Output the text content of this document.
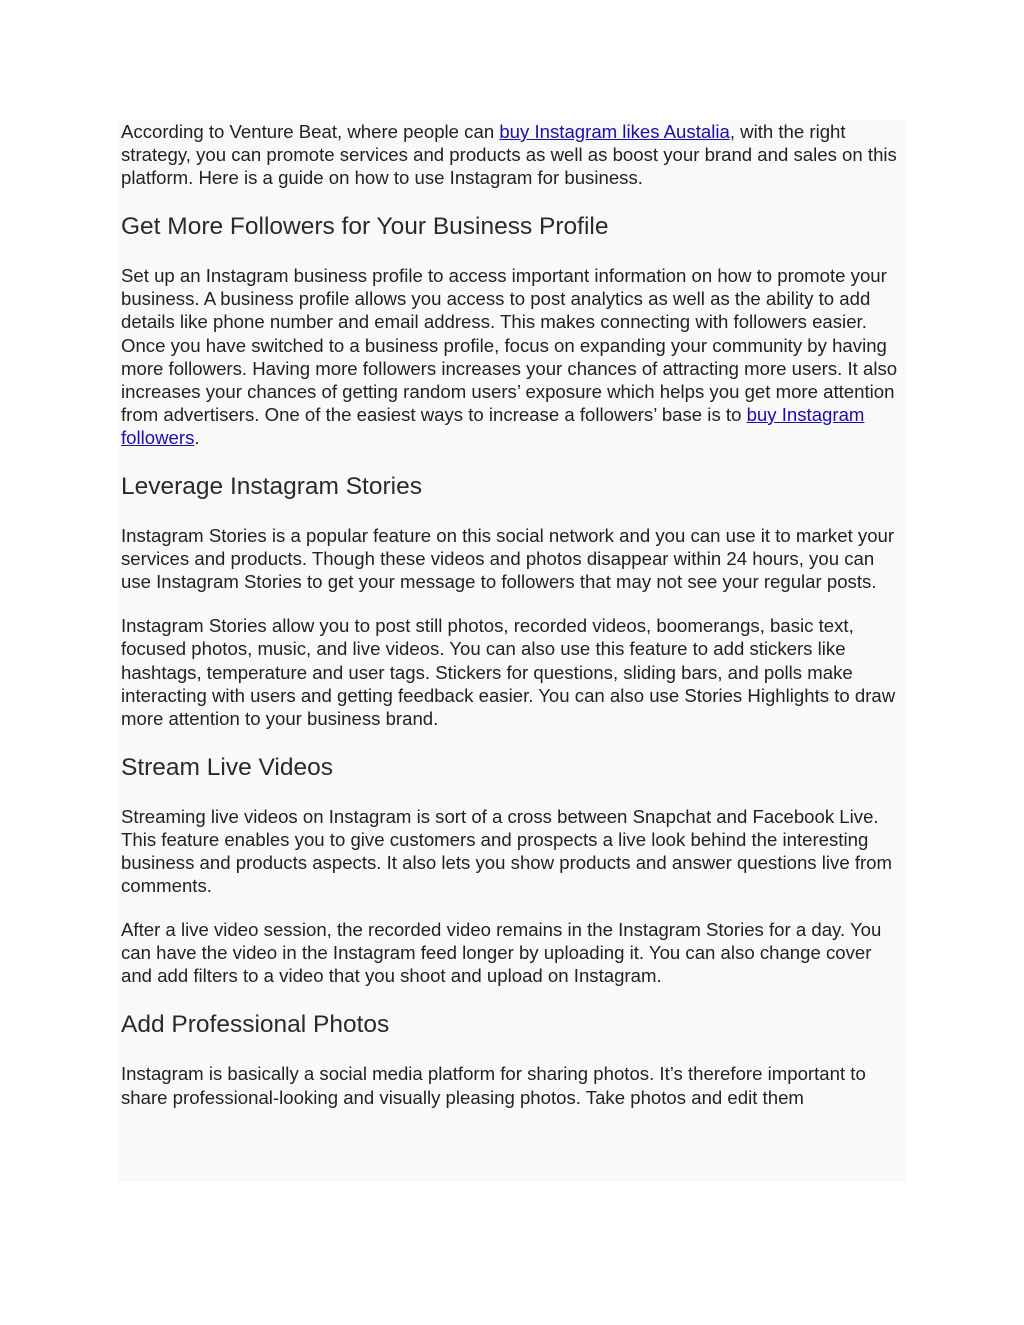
According to Venture Beat, where people can buy Instagram likes Austalia, with the right strategy, you can promote services and products as well as boost your brand and sales on this platform. Here is a guide on how to use Instagram for business.

Get More Followers for Your Business Profile

Set up an Instagram business profile to access important information on how to promote your business. A business profile allows you access to post analytics as well as the ability to add details like phone number and email address. This makes connecting with followers easier. Once you have switched to a business profile, focus on expanding your community by having more followers. Having more followers increases your chances of attracting more users. It also increases your chances of getting random users’ exposure which helps you get more attention from advertisers. One of the easiest ways to increase a followers’ base is to buy Instagram followers.

Leverage Instagram Stories

Instagram Stories is a popular feature on this social network and you can use it to market your services and products. Though these videos and photos disappear within 24 hours, you can use Instagram Stories to get your message to followers that may not see your regular posts.

Instagram Stories allow you to post still photos, recorded videos, boomerangs, basic text, focused photos, music, and live videos. You can also use this feature to add stickers like hashtags, temperature and user tags. Stickers for questions, sliding bars, and polls make interacting with users and getting feedback easier. You can also use Stories Highlights to draw more attention to your business brand.

Stream Live Videos

Streaming live videos on Instagram is sort of a cross between Snapchat and Facebook Live. This feature enables you to give customers and prospects a live look behind the interesting business and products aspects. It also lets you show products and answer questions live from comments.

After a live video session, the recorded video remains in the Instagram Stories for a day. You can have the video in the Instagram feed longer by uploading it. You can also change cover and add filters to a video that you shoot and upload on Instagram.

Add Professional Photos

Instagram is basically a social media platform for sharing photos. It’s therefore important to share professional-looking and visually pleasing photos. Take photos and edit them
